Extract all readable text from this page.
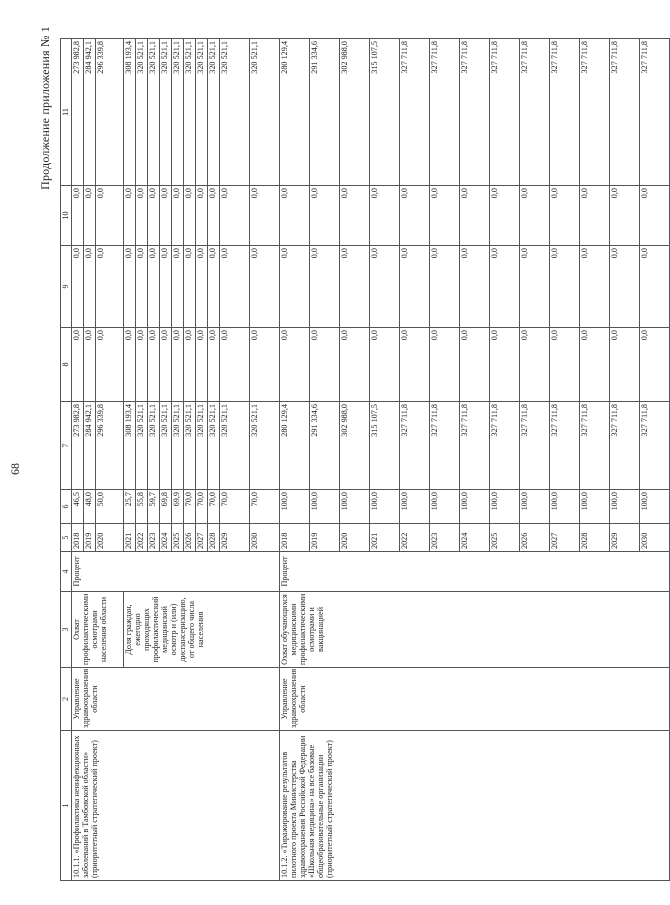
68
Продолжение приложения № 1
1	2	3	4	5	6	7	8	9	10	11
10.1.1. «Профилактика неинфекционных заболеваний в Тамбовской области» (приоритетный стратегический проект)	Управление здравоохранения области	Охват профилактическими осмотрами населения области	Процент	2018	46,5	273 982,8	0,0	0,0	0,0	273 982,8
				2019	48,0	284 942,1	0,0	0,0	0,0	284 942,1
				2020	50,0	296 339,8	0,0	0,0	0,0	296 339,8
		Доля граждан, ежегодно проходящих профилактический медицинский осмотр и (или) диспансеризацию, от общего числа населения		2021	25,7	308 193,4	0,0	0,0	0,0	308 193,4
				2022	55,8	320 521,1	0,0	0,0	0,0	320 521,1
				2023	59,7	320 521,1	0,0	0,0	0,0	320 521,1
				2024	69,8	320 521,1	0,0	0,0	0,0	320 521,1
				2025	69,9	320 521,1	0,0	0,0	0,0	320 521,1
				2026	70,0	320 521,1	0,0	0,0	0,0	320 521,1
				2027	70,0	320 521,1	0,0	0,0	0,0	320 521,1
				2028	70,0	320 521,1	0,0	0,0	0,0	320 521,1
				2029	70,0	320 521,1	0,0	0,0	0,0	320 521,1
				2030	70,0	320 521,1	0,0	0,0	0,0	320 521,1
10.1.2. «Тиражирование результатов пилотного проекта Министерства здравоохранения Российской Федерации «Школьная медицина» на все базовые общеобразовательные организации (приоритетный стратегический проект)	Управление здравоохранения области	Охват обучающихся медицинскими профилактическими осмотрами и вакцинацией	Процент	2018	100,0	280 129,4	0,0	0,0	0,0	280 129,4
				2019	100,0	291 334,6	0,0	0,0	0,0	291 334,6
				2020	100,0	302 988,0	0,0	0,0	0,0	302 988,0
				2021	100,0	315 107,5	0,0	0,0	0,0	315 107,5
				2022	100,0	327 711,8	0,0	0,0	0,0	327 711,8
				2023	100,0	327 711,8	0,0	0,0	0,0	327 711,8
				2024	100,0	327 711,8	0,0	0,0	0,0	327 711,8
				2025	100,0	327 711,8	0,0	0,0	0,0	327 711,8
				2026	100,0	327 711,8	0,0	0,0	0,0	327 711,8
				2027	100,0	327 711,8	0,0	0,0	0,0	327 711,8
				2028	100,0	327 711,8	0,0	0,0	0,0	327 711,8
				2029	100,0	327 711,8	0,0	0,0	0,0	327 711,8
				2030	100,0	327 711,8	0,0	0,0	0,0	327 711,8
